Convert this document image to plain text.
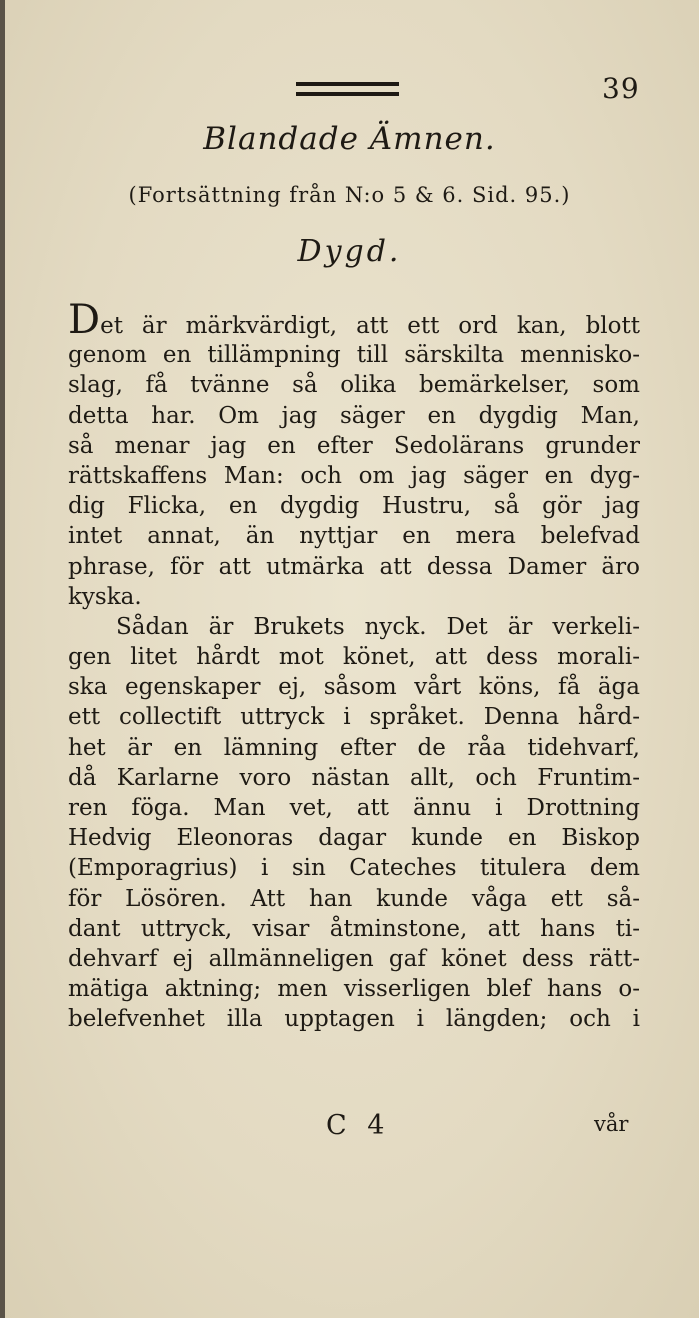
39
Blandade Ämnen.
(Fortsättning från N:o 5 & 6. Sid. 95.)
Dygd.
Det är märkvärdigt, att ett ord kan, blott
genom en tillämpning till särskilta mennisko-
slag, få tvänne så olika bemärkelser, som
detta har. Om jag säger en dygdig Man,
så menar jag en efter Sedolärans grunder
rättskaffens Man: och om jag säger en dyg-
dig Flicka, en dygdig Hustru, så gör jag
intet annat, än nyttjar en mera belefvad
phrase, för att utmärka att dessa Damer äro
kyska.
Sådan är Brukets nyck. Det är verkeli-
gen litet hårdt mot könet, att dess morali-
ska egenskaper ej, såsom vårt köns, få äga
ett collectift uttryck i språket. Denna hård-
het är en lämning efter de råa tidehvarf,
då Karlarne voro nästan allt, och Fruntim-
ren föga. Man vet, att ännu i Drottning
Hedvig Eleonoras dagar kunde en Biskop
(Emporagrius) i sin Cateches titulera dem
för Lösören. Att han kunde våga ett så-
dant uttryck, visar åtminstone, att hans ti-
dehvarf ej allmänneligen gaf könet dess rätt-
mätiga aktning; men visserligen blef hans o-
belefvenhet illa upptagen i längden; och i
C 4	vår
